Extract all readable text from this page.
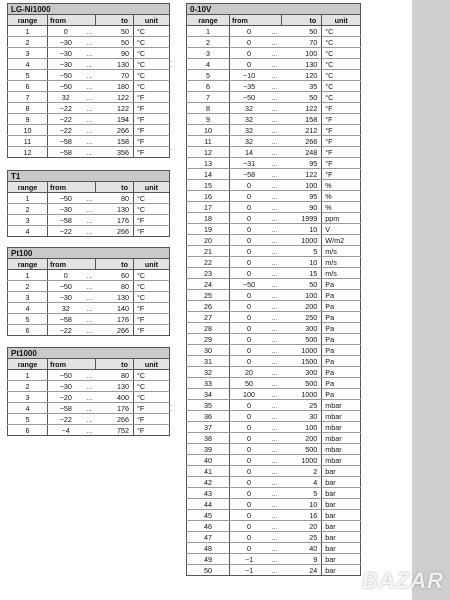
LG-Ni1000
range	from		to	unit
1	0	...	50	°C
2	−30	...	50	°C
3	−30	...	90	°C
4	−30	...	130	°C
5	−50	...	70	°C
6	−50	...	180	°C
7	32	...	122	°F
8	−22	...	122	°F
9	−22	...	194	°F
10	−22	...	266	°F
11	−58	...	158	°F
12	−58	...	356	°F
T1
range	from		to	unit
1	−50	...	80	°C
2	−30	...	130	°C
3	−58	...	176	°F
4	−22	...	266	°F
Pt100
range	from		to	unit
1	0	...	60	°C
2	−50	...	80	°C
3	−30	...	130	°C
4	32	...	140	°F
5	−58	...	176	°F
6	−22	...	266	°F
Pt1000
range	from		to	unit
1	−50	...	80	°C
2	−30	...	130	°C
3	−20	...	400	°C
4	−58	...	176	°F
5	−22	...	266	°F
6	−4	...	752	°F
0-10V
range	from		to	unit
1	0	...	50	°C
2	0	...	70	°C
3	0	...	100	°C
4	0	...	130	°C
5	−10	...	120	°C
6	−35	...	35	°C
7	−50	...	50	°C
8	32	...	122	°F
9	32	...	158	°F
10	32	...	212	°F
11	32	...	266	°F
12	14	...	248	°F
13	−31	...	95	°F
14	−58	...	122	°F
15	0	...	100	%
16	0	...	95	%
17	0	...	90	%
18	0	...	1999	ppm
19	0	...	10	V
20	0	...	1000	W/m2
21	0	...	5	m/s
22	0	...	10	m/s
23	0	...	15	m/s
24	−50	...	50	Pa
25	0	...	100	Pa
26	0	...	200	Pa
27	0	...	250	Pa
28	0	...	300	Pa
29	0	...	500	Pa
30	0	...	1000	Pa
31	0	...	1500	Pa
32	20	...	300	Pa
33	50	...	500	Pa
34	100	...	1000	Pa
35	0	...	25	mbar
36	0	...	30	mbar
37	0	...	100	mbar
38	0	...	200	mbar
39	0	...	500	mbar
40	0	...	1000	mbar
41	0	...	2	bar
42	0	...	4	bar
43	0	...	5	bar
44	0	...	10	bar
45	0	...	16	bar
46	0	...	20	bar
47	0	...	25	bar
48	0	...	40	bar
49	−1	...	9	bar
50	−1	...	24	bar BAZAR
